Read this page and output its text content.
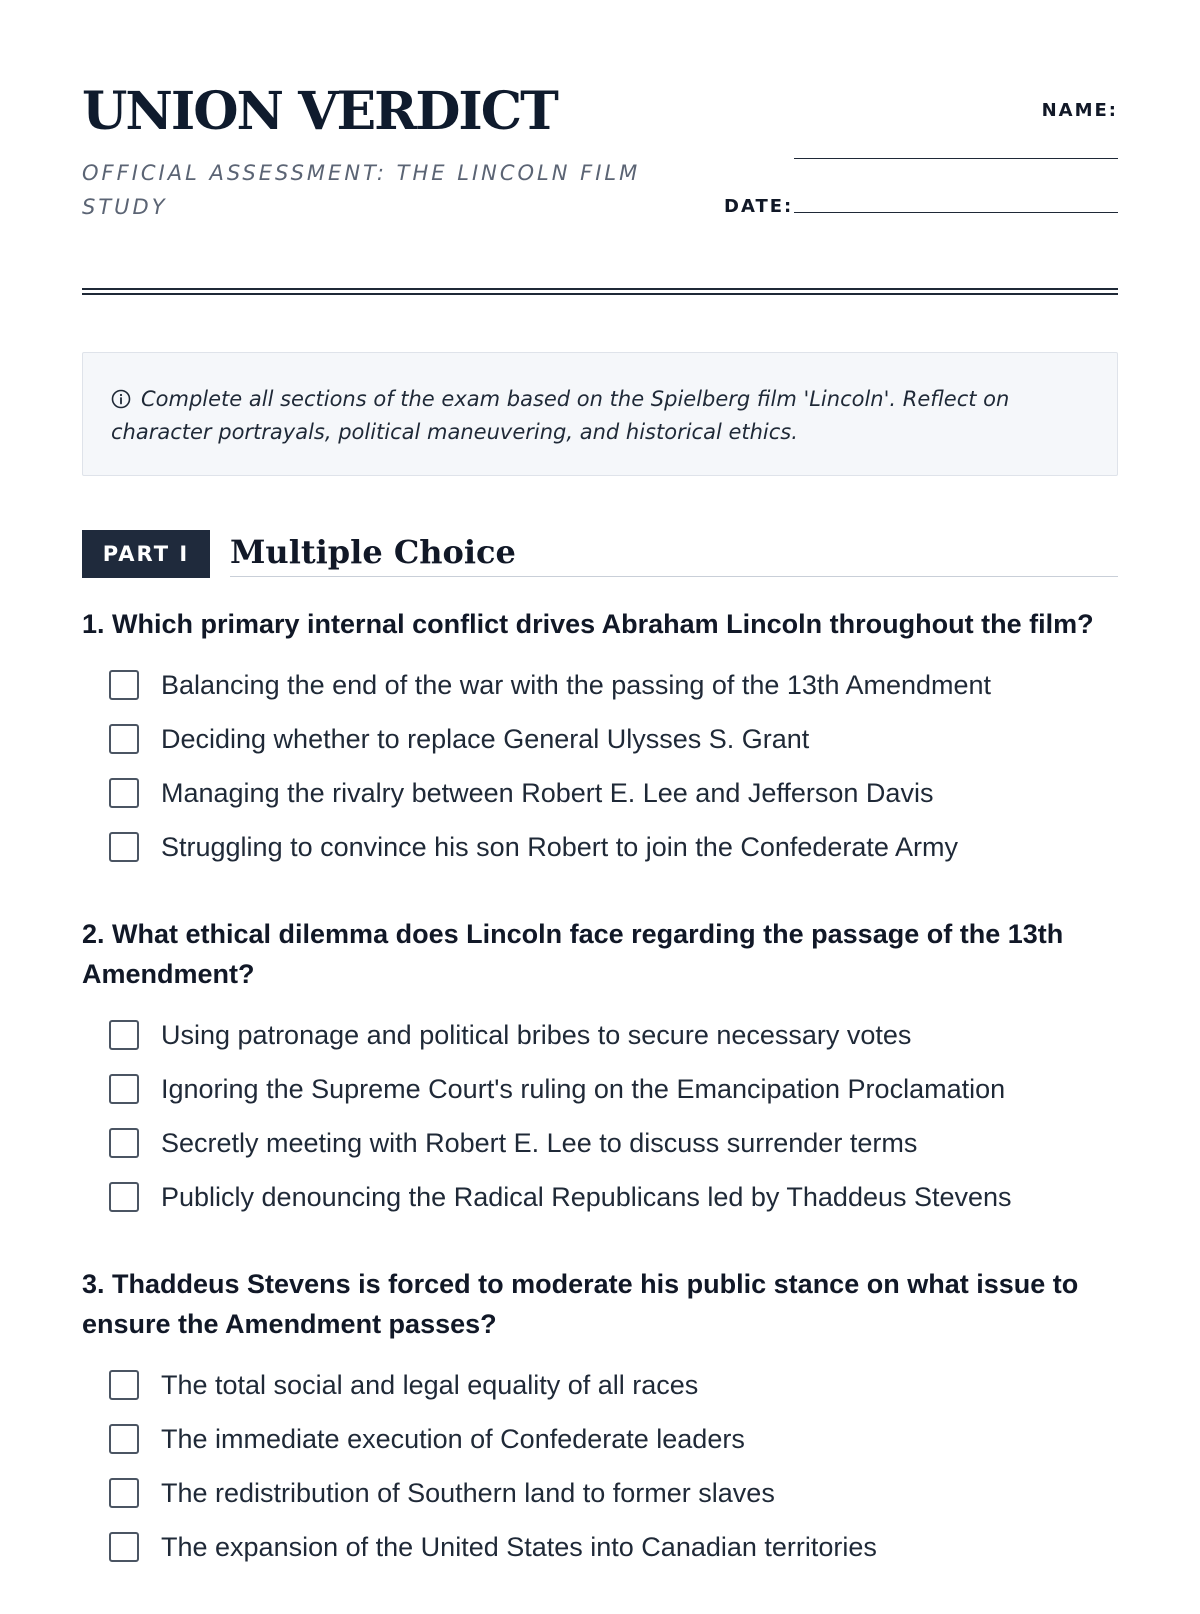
UNION VERDICT
OFFICIAL ASSESSMENT: THE LINCOLN FILM STUDY
NAME:
DATE:
Complete all sections of the exam based on the Spielberg film 'Lincoln'. Reflect on character portrayals, political maneuvering, and historical ethics.
PART I	Multiple Choice
1. Which primary internal conflict drives Abraham Lincoln throughout the film?
Balancing the end of the war with the passing of the 13th Amendment
Deciding whether to replace General Ulysses S. Grant
Managing the rivalry between Robert E. Lee and Jefferson Davis
Struggling to convince his son Robert to join the Confederate Army
2. What ethical dilemma does Lincoln face regarding the passage of the 13th Amendment?
Using patronage and political bribes to secure necessary votes
Ignoring the Supreme Court's ruling on the Emancipation Proclamation
Secretly meeting with Robert E. Lee to discuss surrender terms
Publicly denouncing the Radical Republicans led by Thaddeus Stevens
3. Thaddeus Stevens is forced to moderate his public stance on what issue to ensure the Amendment passes?
The total social and legal equality of all races
The immediate execution of Confederate leaders
The redistribution of Southern land to former slaves
The expansion of the United States into Canadian territories
